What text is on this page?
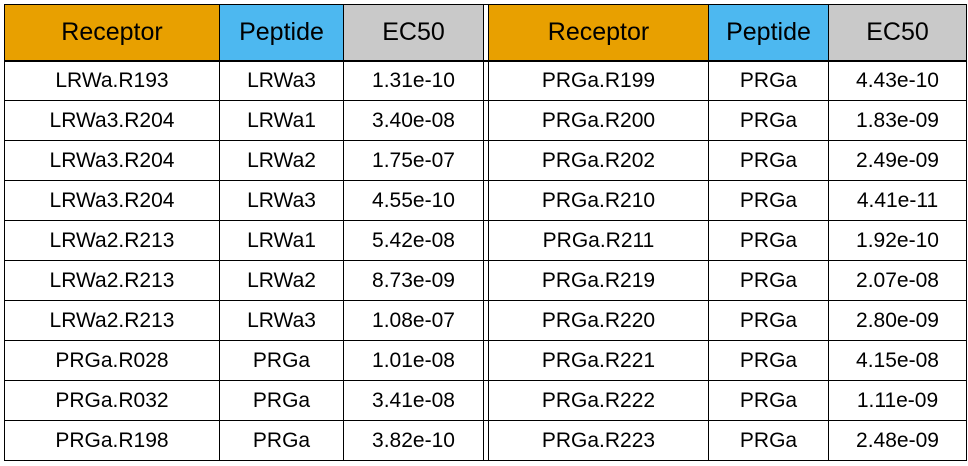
Receptor	Peptide	EC50		Receptor	Peptide	EC50
LRWa.R193	LRWa3	1.31e-10		PRGa.R199	PRGa	4.43e-10
LRWa3.R204	LRWa1	3.40e-08		PRGa.R200	PRGa	1.83e-09
LRWa3.R204	LRWa2	1.75e-07		PRGa.R202	PRGa	2.49e-09
LRWa3.R204	LRWa3	4.55e-10		PRGa.R210	PRGa	4.41e-11
LRWa2.R213	LRWa1	5.42e-08		PRGa.R211	PRGa	1.92e-10
LRWa2.R213	LRWa2	8.73e-09		PRGa.R219	PRGa	2.07e-08
LRWa2.R213	LRWa3	1.08e-07		PRGa.R220	PRGa	2.80e-09
PRGa.R028	PRGa	1.01e-08		PRGa.R221	PRGa	4.15e-08
PRGa.R032	PRGa	3.41e-08		PRGa.R222	PRGa	1.11e-09
PRGa.R198	PRGa	3.82e-10		PRGa.R223	PRGa	2.48e-09
